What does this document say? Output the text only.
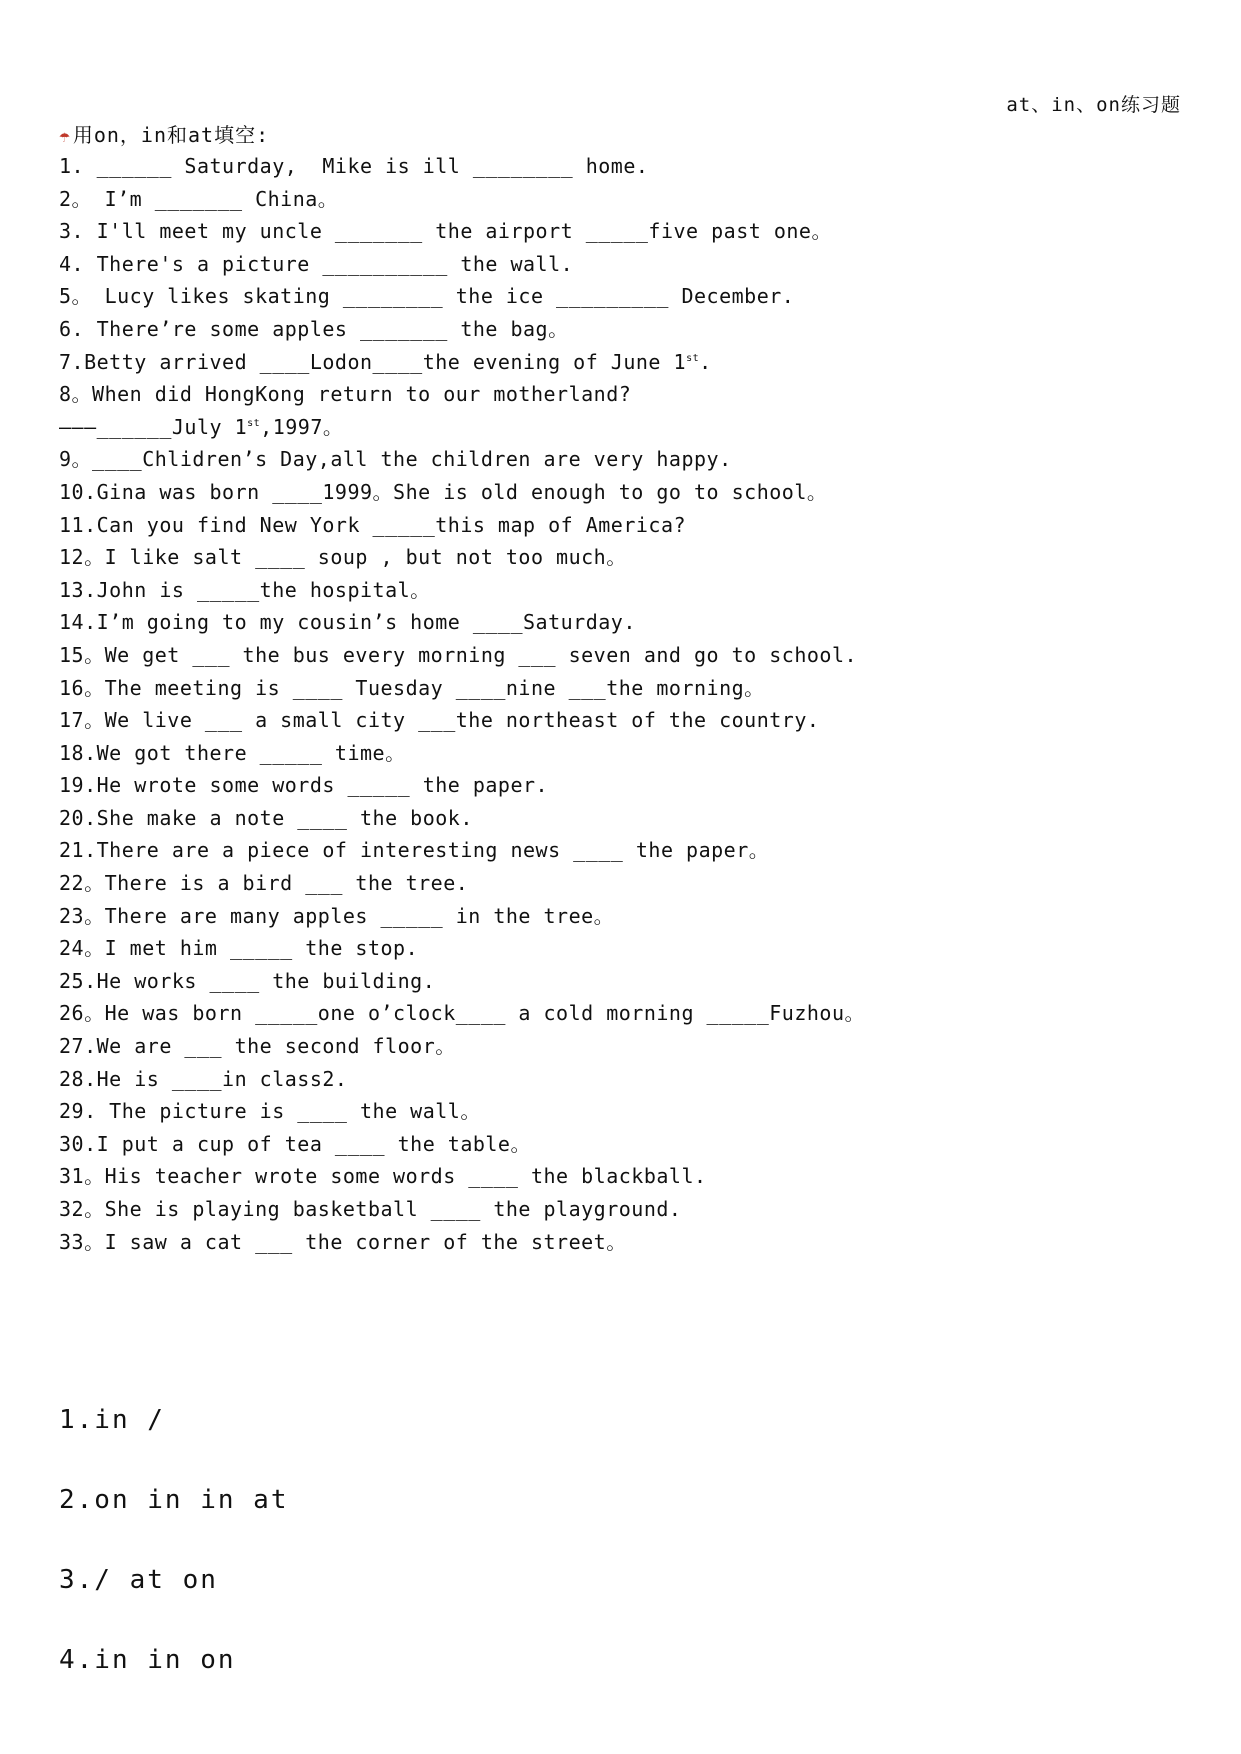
at、in、on练习题
☂ 用on，in和at填空:
1. ______ Saturday,  Mike is ill ________ home.
2。 I’m _______ China。
3. I'll meet my uncle _______ the airport _____five past one。
4. There's a picture __________ the wall.
5。 Lucy likes skating ________ the ice _________ December.
6. There’re some apples _______ the bag。
7.Betty arrived ____Lodon____the evening of June 1st.
8。When did HongKong return to our motherland?
———______July 1st,1997。
9。____Chlidren’s Day,all the children are very happy.
10.Gina was born ____1999。She is old enough to go to school。
11.Can you find New York _____this map of America?
12。I like salt ____ soup , but not too much。
13.John is _____the hospital。
14.I’m going to my cousin’s home ____Saturday.
15。We get ___ the bus every morning ___ seven and go to school.
16。The meeting is ____ Tuesday ____nine ___the morning。
17。We live ___ a small city ___the northeast of the country.
18.We got there _____ time。
19.He wrote some words _____ the paper.
20.She make a note ____ the book.
21.There are a piece of interesting news ____ the paper。
22。There is a bird ___ the tree.
23。There are many apples _____ in the tree。
24。I met him _____ the stop.
25.He works ____ the building.
26。He was born _____one o’clock____ a cold morning _____Fuzhou。
27.We are ___ the second floor。
28.He is ____in class2.
29. The picture is ____ the wall。
30.I put a cup of tea ____ the table。
31。His teacher wrote some words ____ the blackball.
32。She is playing basketball ____ the playground.
33。I saw a cat ___ the corner of the street。
1.in /
2.on in in at
3./ at on
4.in in on
